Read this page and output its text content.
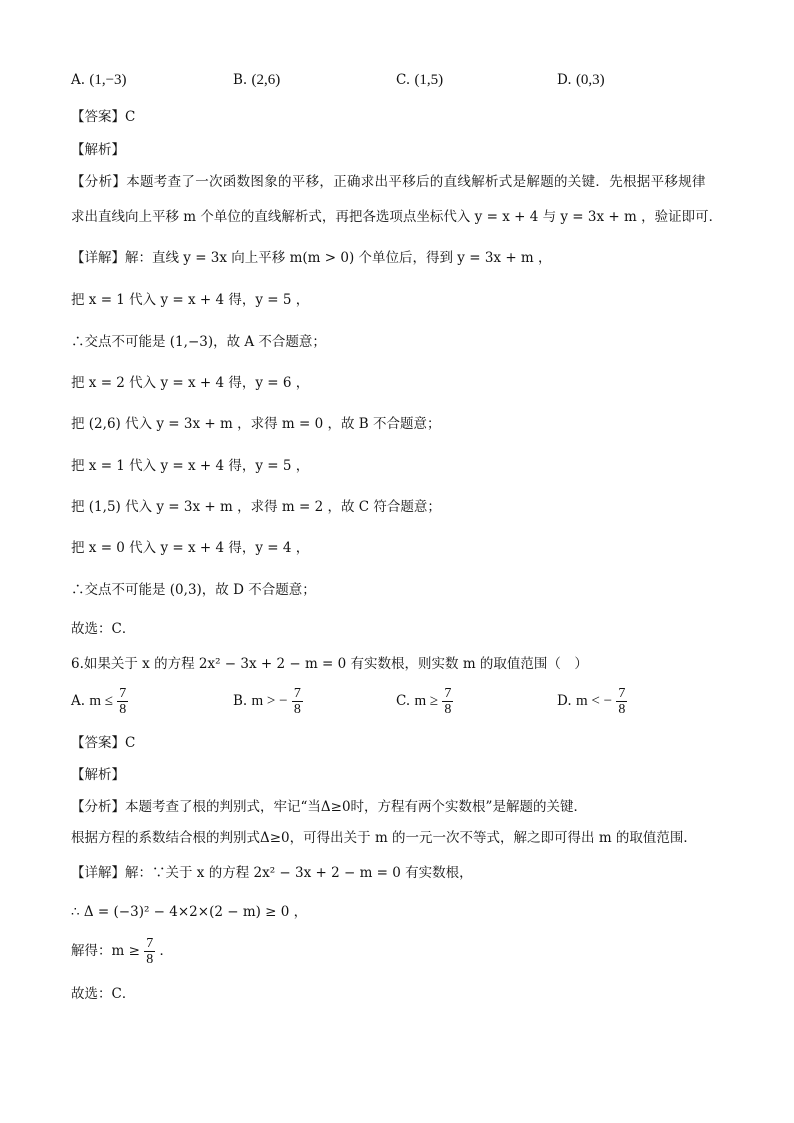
A. (1,−3)	B. (2,6)	C. (1,5)	D. (0,3)
【答案】C
【解析】
【分析】本题考查了一次函数图象的平移，正确求出平移后的直线解析式是解题的关键．先根据平移规律
求出直线向上平移 m 个单位的直线解析式，再把各选项点坐标代入 y = x + 4 与 y = 3x + m ，验证即可．
【详解】解：直线 y = 3x 向上平移 m(m > 0) 个单位后，得到 y = 3x + m ，
把 x = 1 代入 y = x + 4 得，y = 5 ，
∴交点不可能是 (1,−3)，故 A 不合题意；
把 x = 2 代入 y = x + 4 得，y = 6 ，
把 (2,6) 代入 y = 3x + m ，求得 m = 0 ，故 B 不合题意；
把 x = 1 代入 y = x + 4 得，y = 5 ，
把 (1,5) 代入 y = 3x + m ，求得 m = 2 ，故 C 符合题意；
把 x = 0 代入 y = x + 4 得，y = 4 ，
∴交点不可能是 (0,3)，故 D 不合题意；
故选：C．
6.如果关于 x 的方程 2x² − 3x + 2 − m = 0 有实数根，则实数 m 的取值范围（　）
A. $m \le \frac{7}{8}$	B. m > − $\frac{7}{8}$	C. $m \ge \frac{7}{8}$	D. m < − $\frac{7}{8}$
【答案】C
【解析】
【分析】本题考查了根的判别式，牢记“当Δ≥0时，方程有两个实数根”是解题的关键．
根据方程的系数结合根的判别式Δ≥0，可得出关于 m 的一元一次不等式，解之即可得出 m 的取值范围．
【详解】解：∵关于 x 的方程 2x² − 3x + 2 − m = 0 有实数根，
∴ Δ = (−3)² − 4×2×(2 − m) ≥ 0 ，
解得：$m \ge \frac{7}{8}$ ．
故选：C．
